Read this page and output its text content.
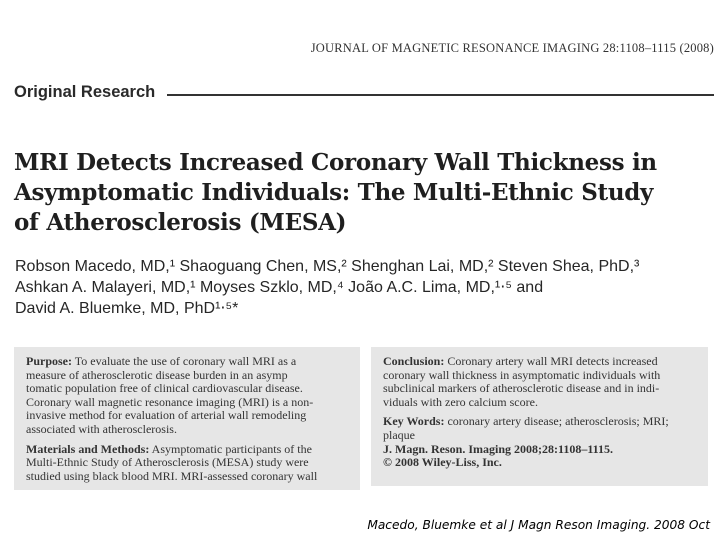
JOURNAL OF MAGNETIC RESONANCE IMAGING 28:1108–1115 (2008)
Original Research
MRI Detects Increased Coronary Wall Thickness in
Asymptomatic Individuals: The Multi-Ethnic Study
of Atherosclerosis (MESA)
Robson Macedo, MD,¹ Shaoguang Chen, MS,² Shenghan Lai, MD,² Steven Shea, PhD,³
Ashkan A. Malayeri, MD,¹ Moyses Szklo, MD,⁴ João A.C. Lima, MD,¹⋅⁵ and
David A. Bluemke, MD, PhD¹⋅⁵*
Purpose: To evaluate the use of coronary wall MRI as a
measure of atherosclerotic disease burden in an asymp
tomatic population free of clinical cardiovascular disease.
Coronary wall magnetic resonance imaging (MRI) is a non-
invasive method for evaluation of arterial wall remodeling
associated with atherosclerosis.
Materials and Methods: Asymptomatic participants of the
Multi-Ethnic Study of Atherosclerosis (MESA) study were
studied using black blood MRI. MRI-assessed coronary wall
Conclusion: Coronary artery wall MRI detects increased
coronary wall thickness in asymptomatic individuals with
subclinical markers of atherosclerotic disease and in indi-
viduals with zero calcium score.
Key Words: coronary artery disease; atherosclerosis; MRI;
plaque
J. Magn. Reson. Imaging 2008;28:1108–1115.
© 2008 Wiley-Liss, Inc.
Macedo, Bluemke et al J Magn Reson Imaging. 2008 Oct
